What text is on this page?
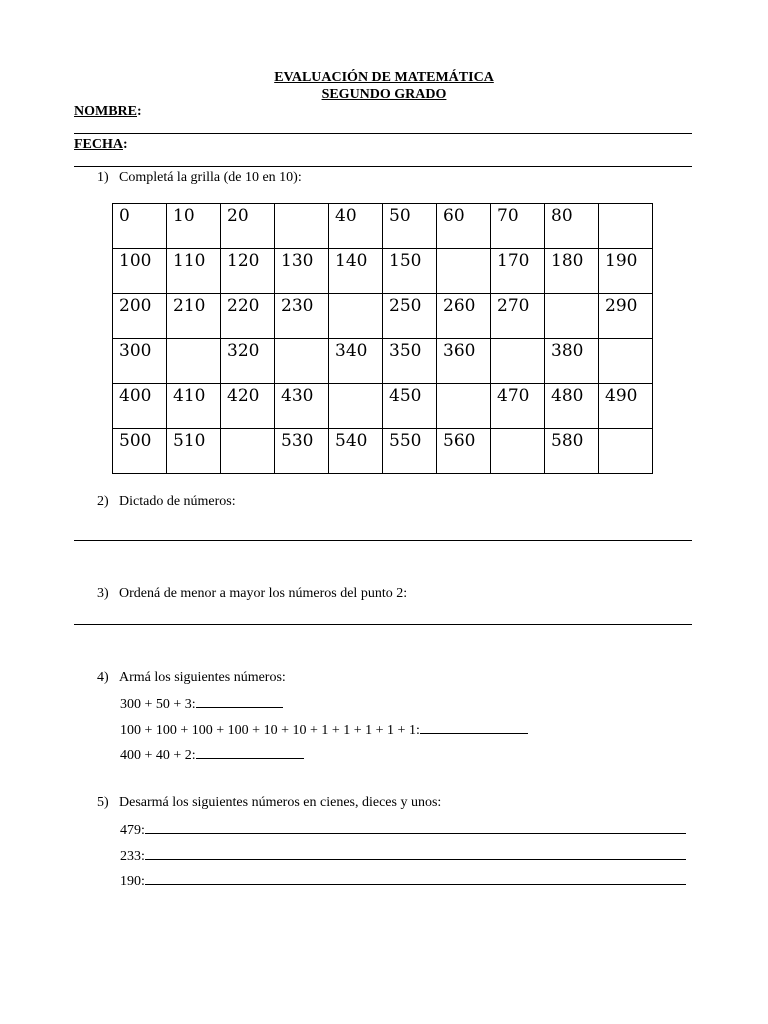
EVALUACIÓN DE MATEMÁTICA
SEGUNDO GRADO
NOMBRE:
FECHA:
1) Completá la grilla (de 10 en 10):
0	10	20		40	50	60	70	80	
100	110	120	130	140	150		170	180	190
200	210	220	230		250	260	270		290
300		320		340	350	360		380	
400	410	420	430		450		470	480	490
500	510		530	540	550	560		580	
2) Dictado de números:
3) Ordená de menor a mayor los números del punto 2:
4) Armá los siguientes números:
300 + 50 + 3:
100 + 100 + 100 + 100 + 10 + 10 + 1 + 1 + 1 + 1 + 1:
400 + 40 + 2:
5) Desarmá los siguientes números en cienes, dieces y unos:
479:
233:
190:
